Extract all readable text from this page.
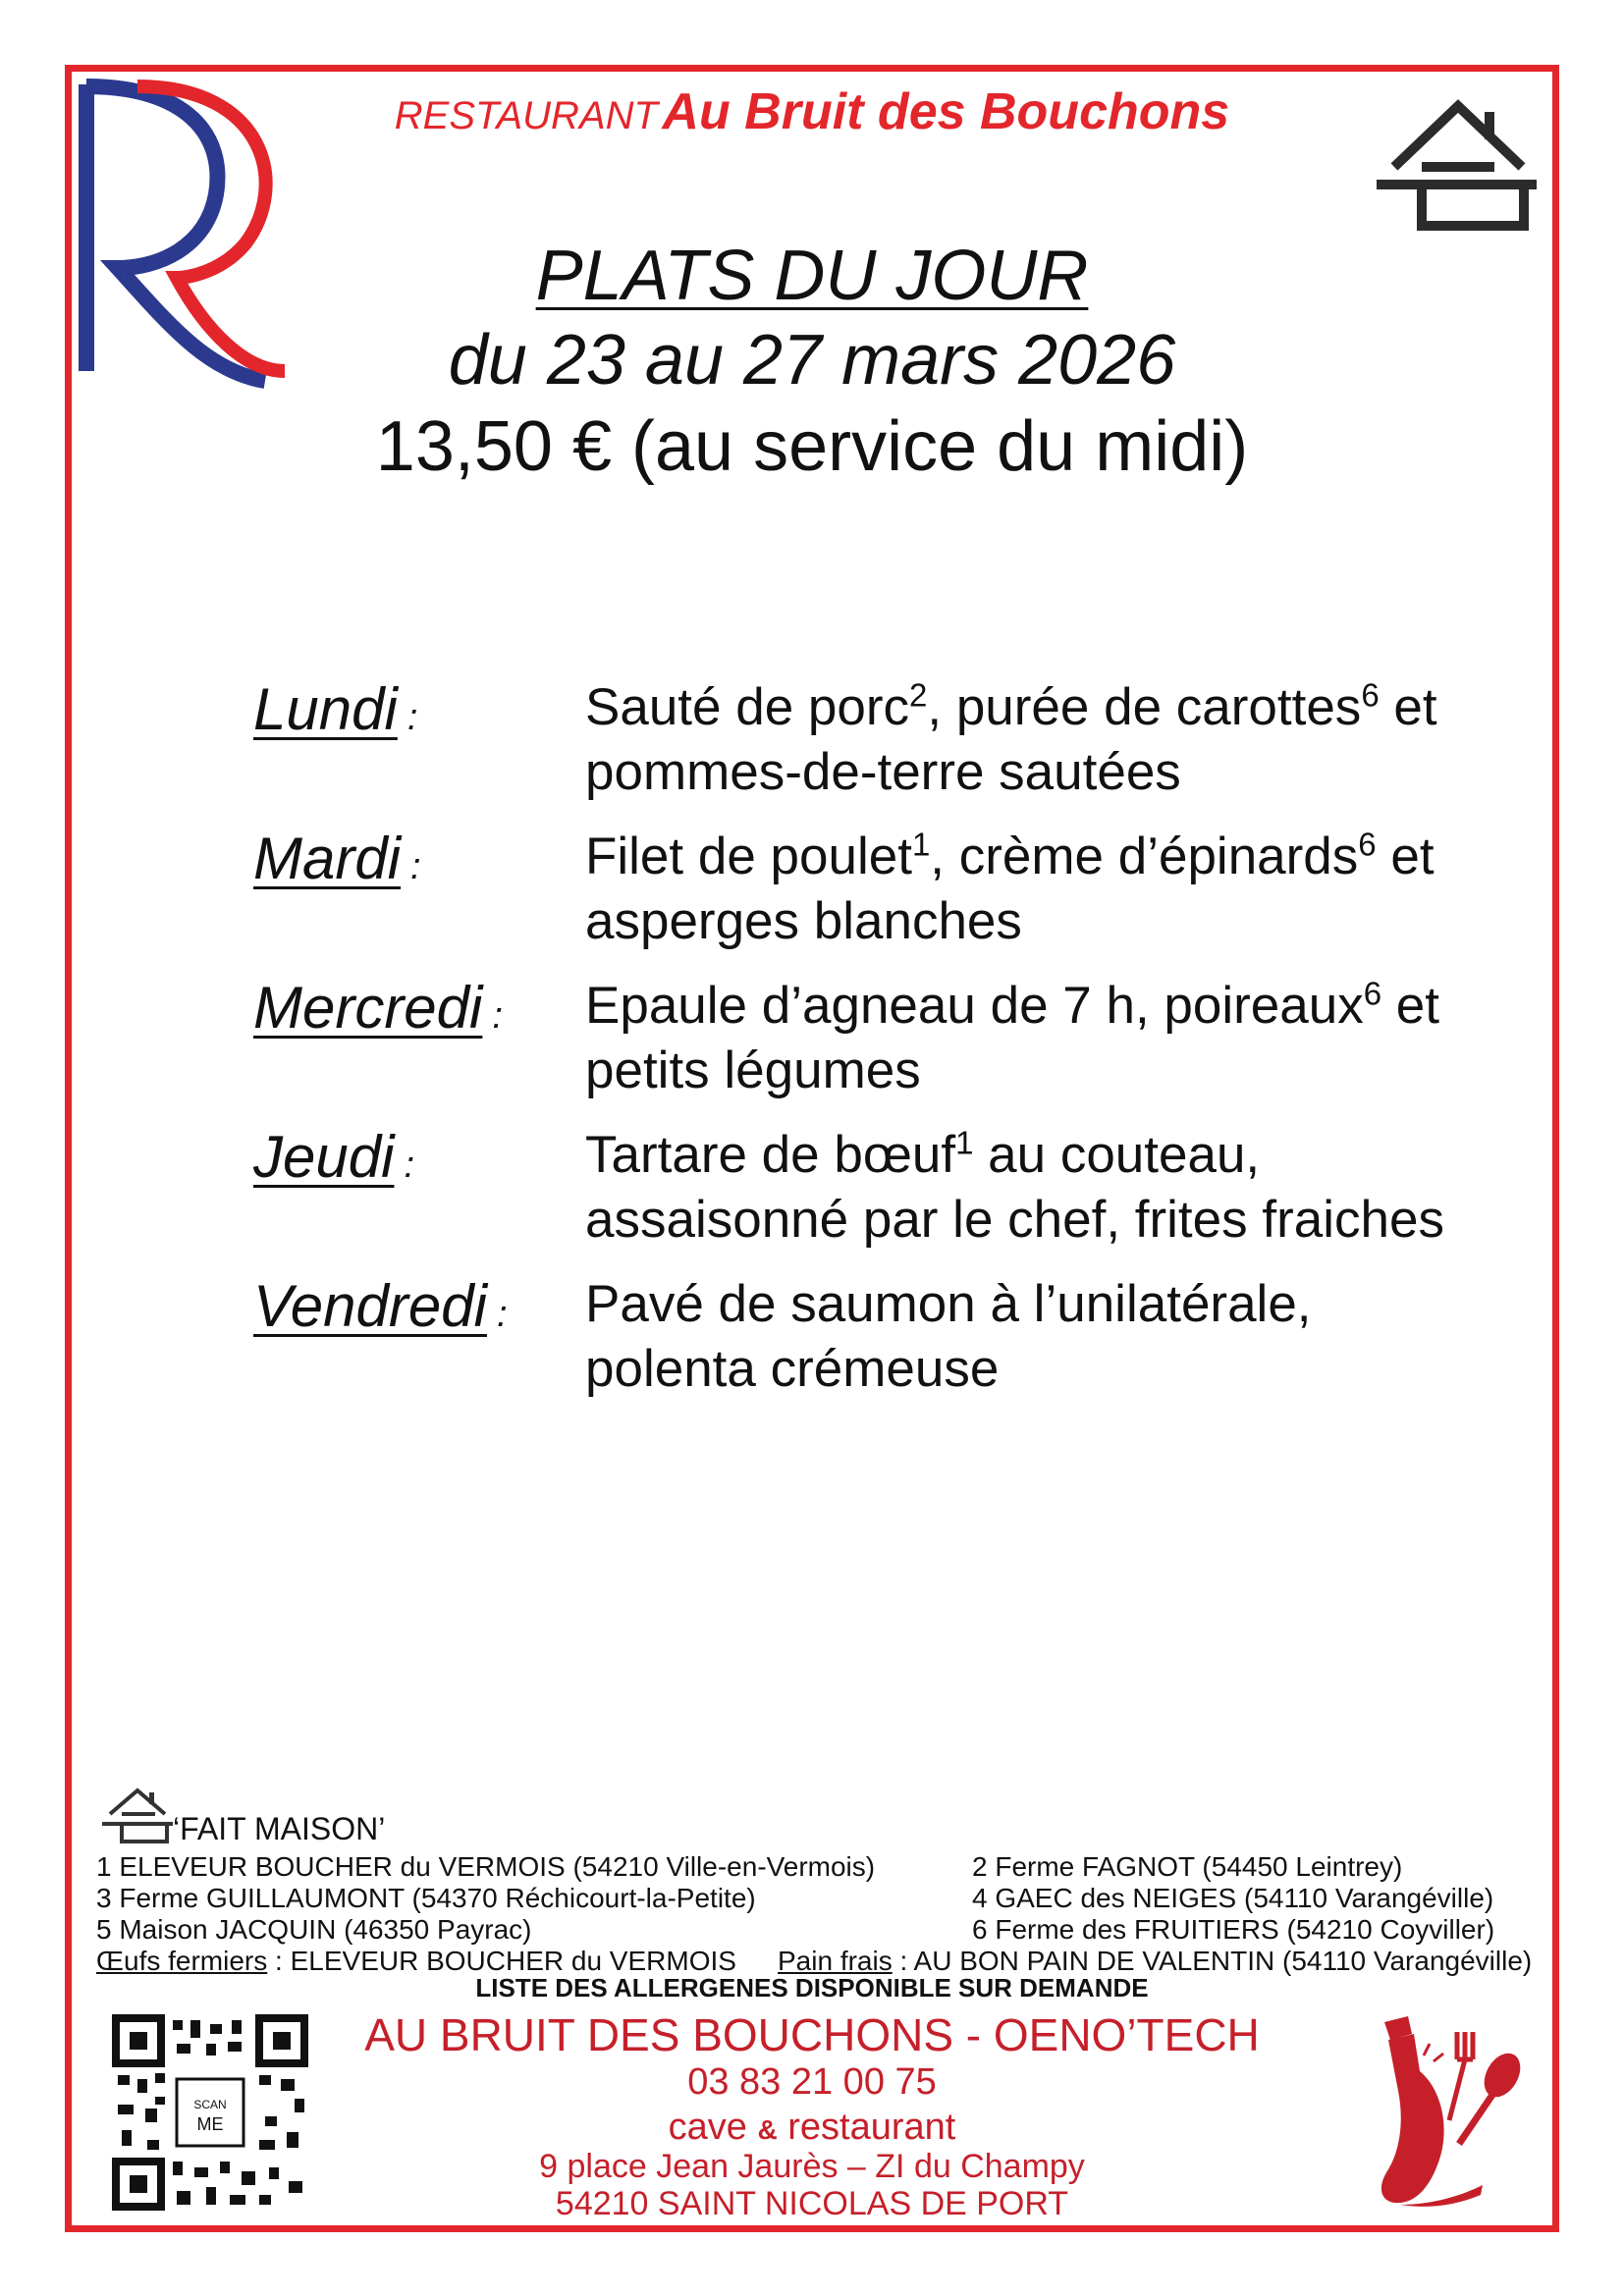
RESTAURANT Au Bruit des Bouchons
PLATS DU JOUR
du 23 au 27 mars 2026
13,50 € (au service du midi)
Lundi :	Sauté de porc$^2$, purée de carottes$^6$ et
pommes-de-terre sautées
Mardi :	Filet de poulet$^1$, crème d’épinards$^6$ et
asperges blanches
Mercredi : Epaule d’agneau de 7 h, poireaux$^6$ et
petits légumes
Jeudi :	Tartare de bœuf$^1$ au couteau,
assaisonné par le chef, frites fraiches
Vendredi : Pavé de saumon à l’unilatérale,
polenta crémeuse
‘FAIT MAISON’
1 ELEVEUR BOUCHER du VERMOIS (54210 Ville-en-Vermois)	2 Ferme FAGNOT (54450 Leintrey)
3 Ferme GUILLAUMONT (54370 Réchicourt-la-Petite)	4 GAEC des NEIGES (54110 Varangéville)
5 Maison JACQUIN (46350 Payrac)	6 Ferme des FRUITIERS (54210 Coyviller)
Œufs fermiers : ELEVEUR BOUCHER du VERMOIS Pain frais : AU BON PAIN DE VALENTIN (54110 Varangéville)
LISTE DES ALLERGENES DISPONIBLE SUR DEMANDE
SCAN
ME
AU BRUIT DES BOUCHONS - OENO’TECH
03 83 21 00 75
cave & restaurant
9 place Jean Jaurès – ZI du Champy
54210 SAINT NICOLAS DE PORT
